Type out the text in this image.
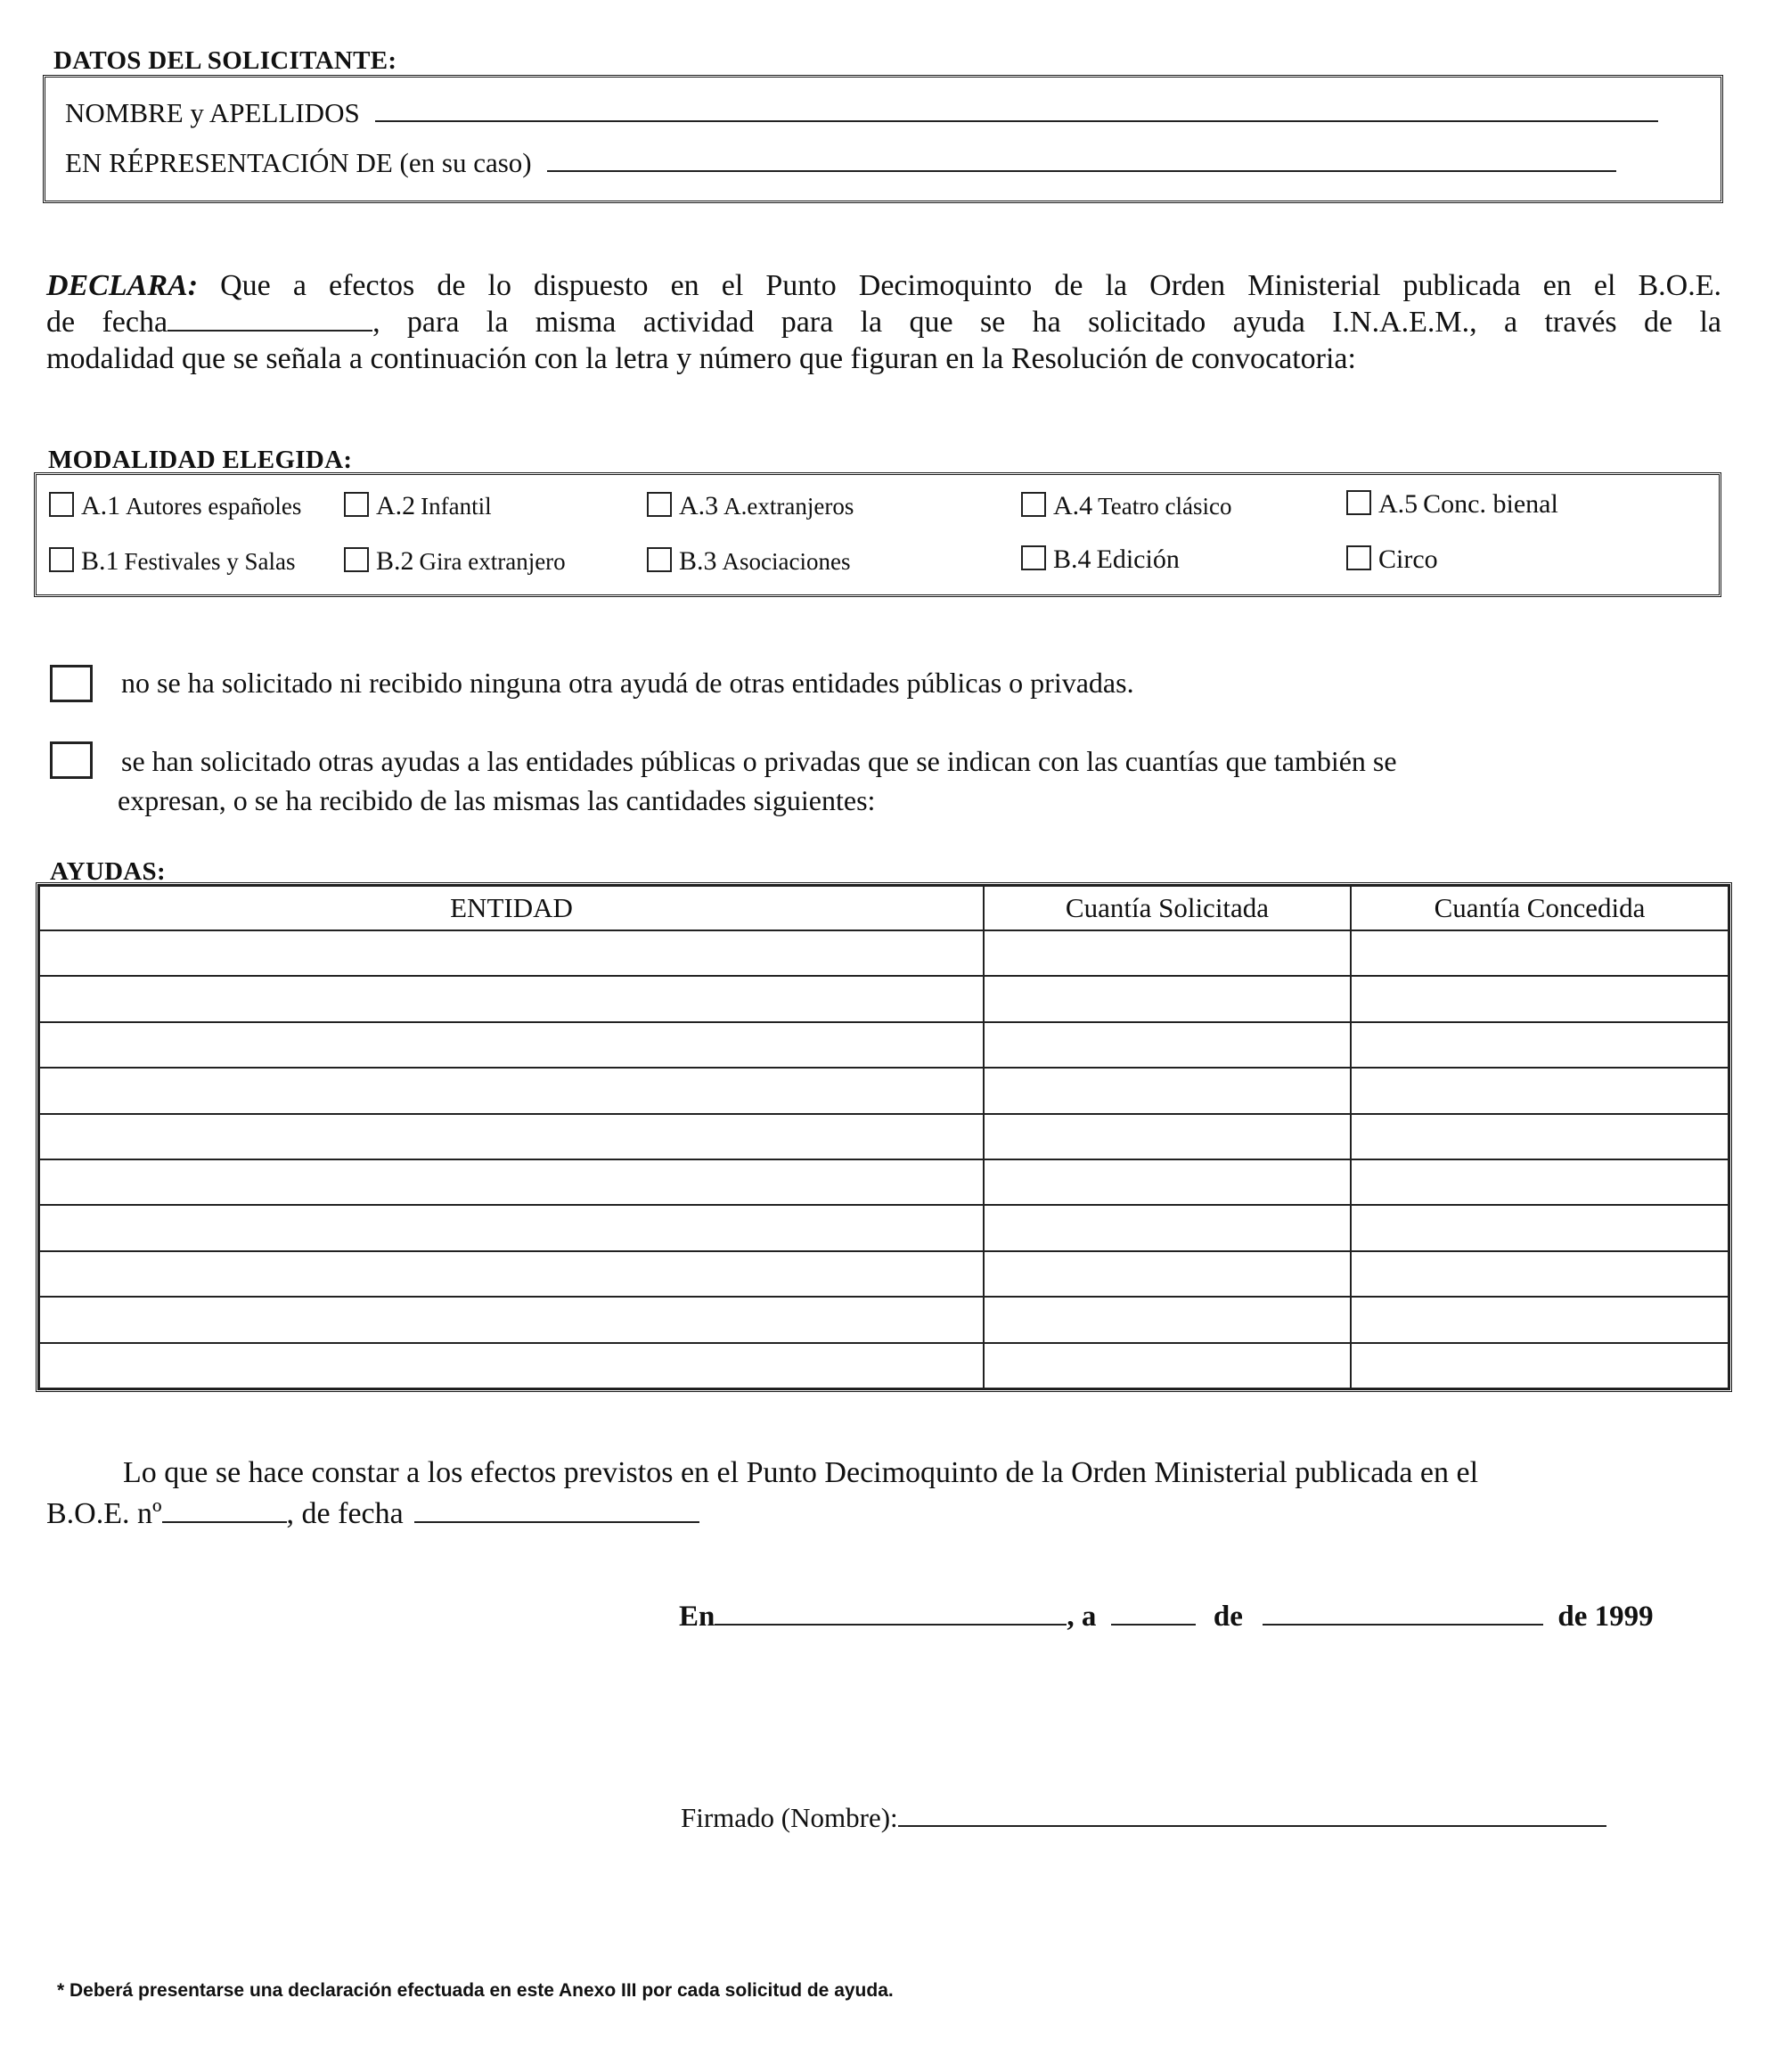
DATOS DEL SOLICITANTE:
NOMBRE y APELLIDOS
EN RÉPRESENTACIÓN DE (en su caso)
DECLARA: Que a efectos de lo dispuesto en el Punto Decimoquinto de la Orden Ministerial publicada en el B.O.E.
de fecha	, para la misma actividad para la que se ha solicitado ayuda I.N.A.E.M., a través de la
modalidad que se señala a continuación con la letra y número que figuran en la Resolución de convocatoria:
MODALIDAD ELEGIDA:
A.1 Autores españoles	A.2 Infantil	A.3 A.extranjeros	A.4 Teatro clásico	A.5 Conc. bienal
B.1 Festivales y Salas	B.2 Gira extranjero	B.3 Asociaciones	B.4 Edición	Circo
no se ha solicitado ni recibido ninguna otra ayudá de otras entidades públicas o privadas.
se han solicitado otras ayudas a las entidades públicas o privadas que se indican con las cuantías que también se
expresan, o se ha recibido de las mismas las cantidades siguientes:
AYUDAS:
ENTIDAD	Cuantía Solicitada	Cuantía Concedida

Lo que se hace constar a los efectos previstos en el Punto Decimoquinto de la Orden Ministerial publicada en el
B.O.E. nº	, de fecha
En	, a	de	de 1999
Firmado (Nombre):
* Deberá presentarse una declaración efectuada en este Anexo III por cada solicitud de ayuda.
